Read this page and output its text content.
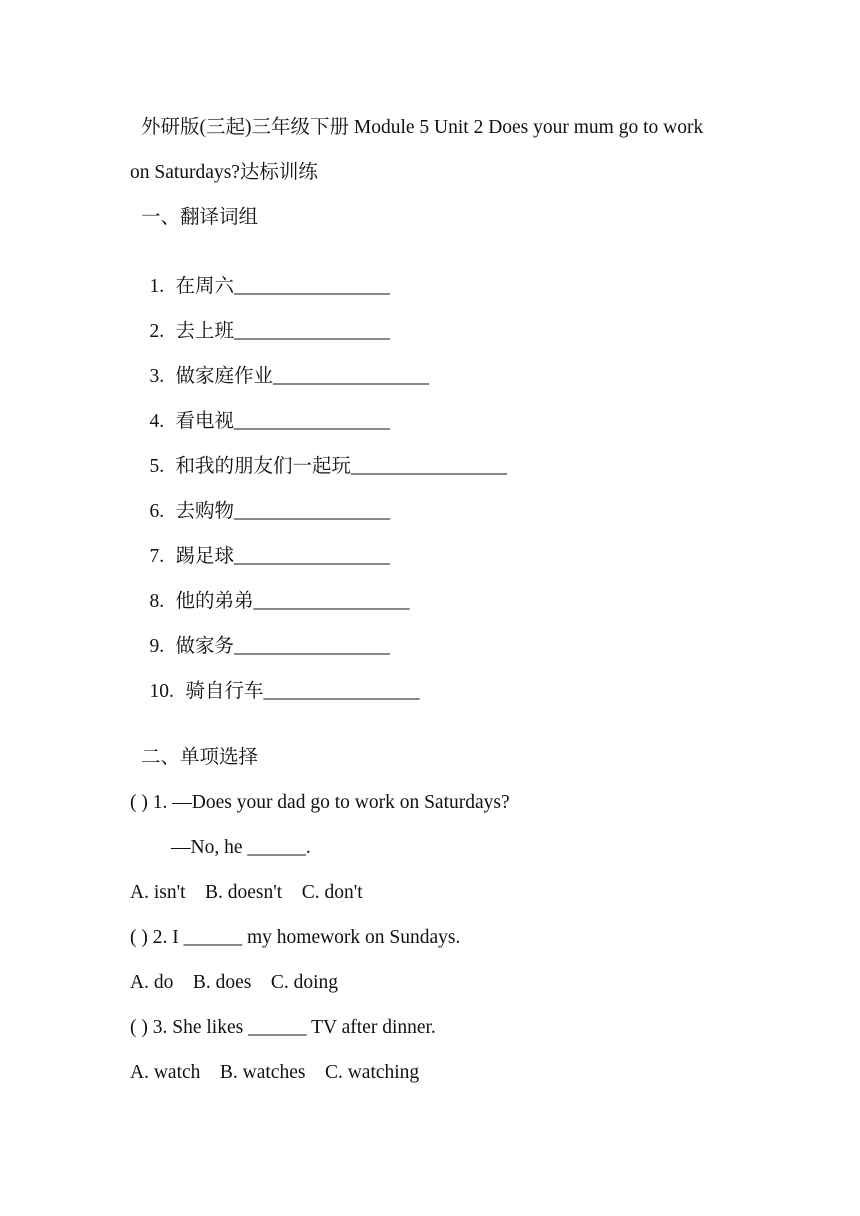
外研版(三起)三年级下册 Module 5 Unit 2 Does your mum go to work
on Saturdays?达标训练
一、翻译词组

1. 在周六________________

2. 去上班________________

3. 做家庭作业________________

4. 看电视________________

5. 和我的朋友们一起玩________________

6. 去购物________________

7. 踢足球________________

8. 他的弟弟________________

9. 做家务________________

10. 骑自行车________________

二、单项选择
( ) 1. —Does your dad go to work on Saturdays?
—No, he ______.
A. isn't    B. doesn't    C. don't
( ) 2. I ______ my homework on Sundays.
A. do    B. does    C. doing
( ) 3. She likes ______ TV after dinner.
A. watch    B. watches    C. watching
